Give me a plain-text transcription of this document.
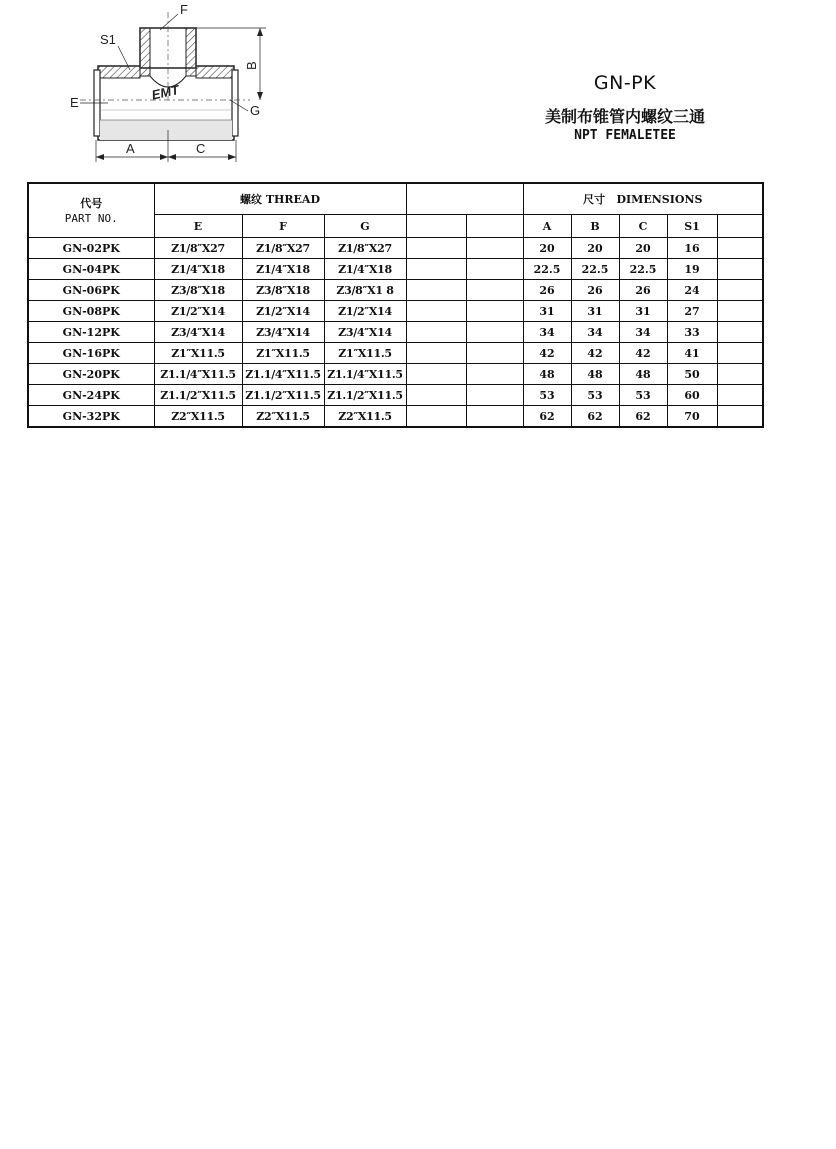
EMT
B
A	C
F
S1
E
G
GN-PK
美制布锥管内螺纹三通
NPT FEMALETEE
代号
PART NO.	螺纹 THREAD					尺寸 DIMENSIONS				
	E	F	G			A	B	C	S1	
GN-02PK	Z1/8″X27	Z1/8″X27	Z1/8″X27			20	20	20	16	
GN-04PK	Z1/4″X18	Z1/4″X18	Z1/4″X18			22.5	22.5	22.5	19	
GN-06PK	Z3/8″X18	Z3/8″X18	Z3/8″X1 8			26	26	26	24	
GN-08PK	Z1/2″X14	Z1/2″X14	Z1/2″X14			31	31	31	27	
GN-12PK	Z3/4″X14	Z3/4″X14	Z3/4″X14			34	34	34	33	
GN-16PK	Z1″X11.5	Z1″X11.5	Z1″X11.5			42	42	42	41	
GN-20PK	Z1.1/4″X11.5	Z1.1/4″X11.5	Z1.1/4″X11.5			48	48	48	50	
GN-24PK	Z1.1/2″X11.5	Z1.1/2″X11.5	Z1.1/2″X11.5			53	53	53	60	
GN-32PK	Z2″X11.5	Z2″X11.5	Z2″X11.5			62	62	62	70	
